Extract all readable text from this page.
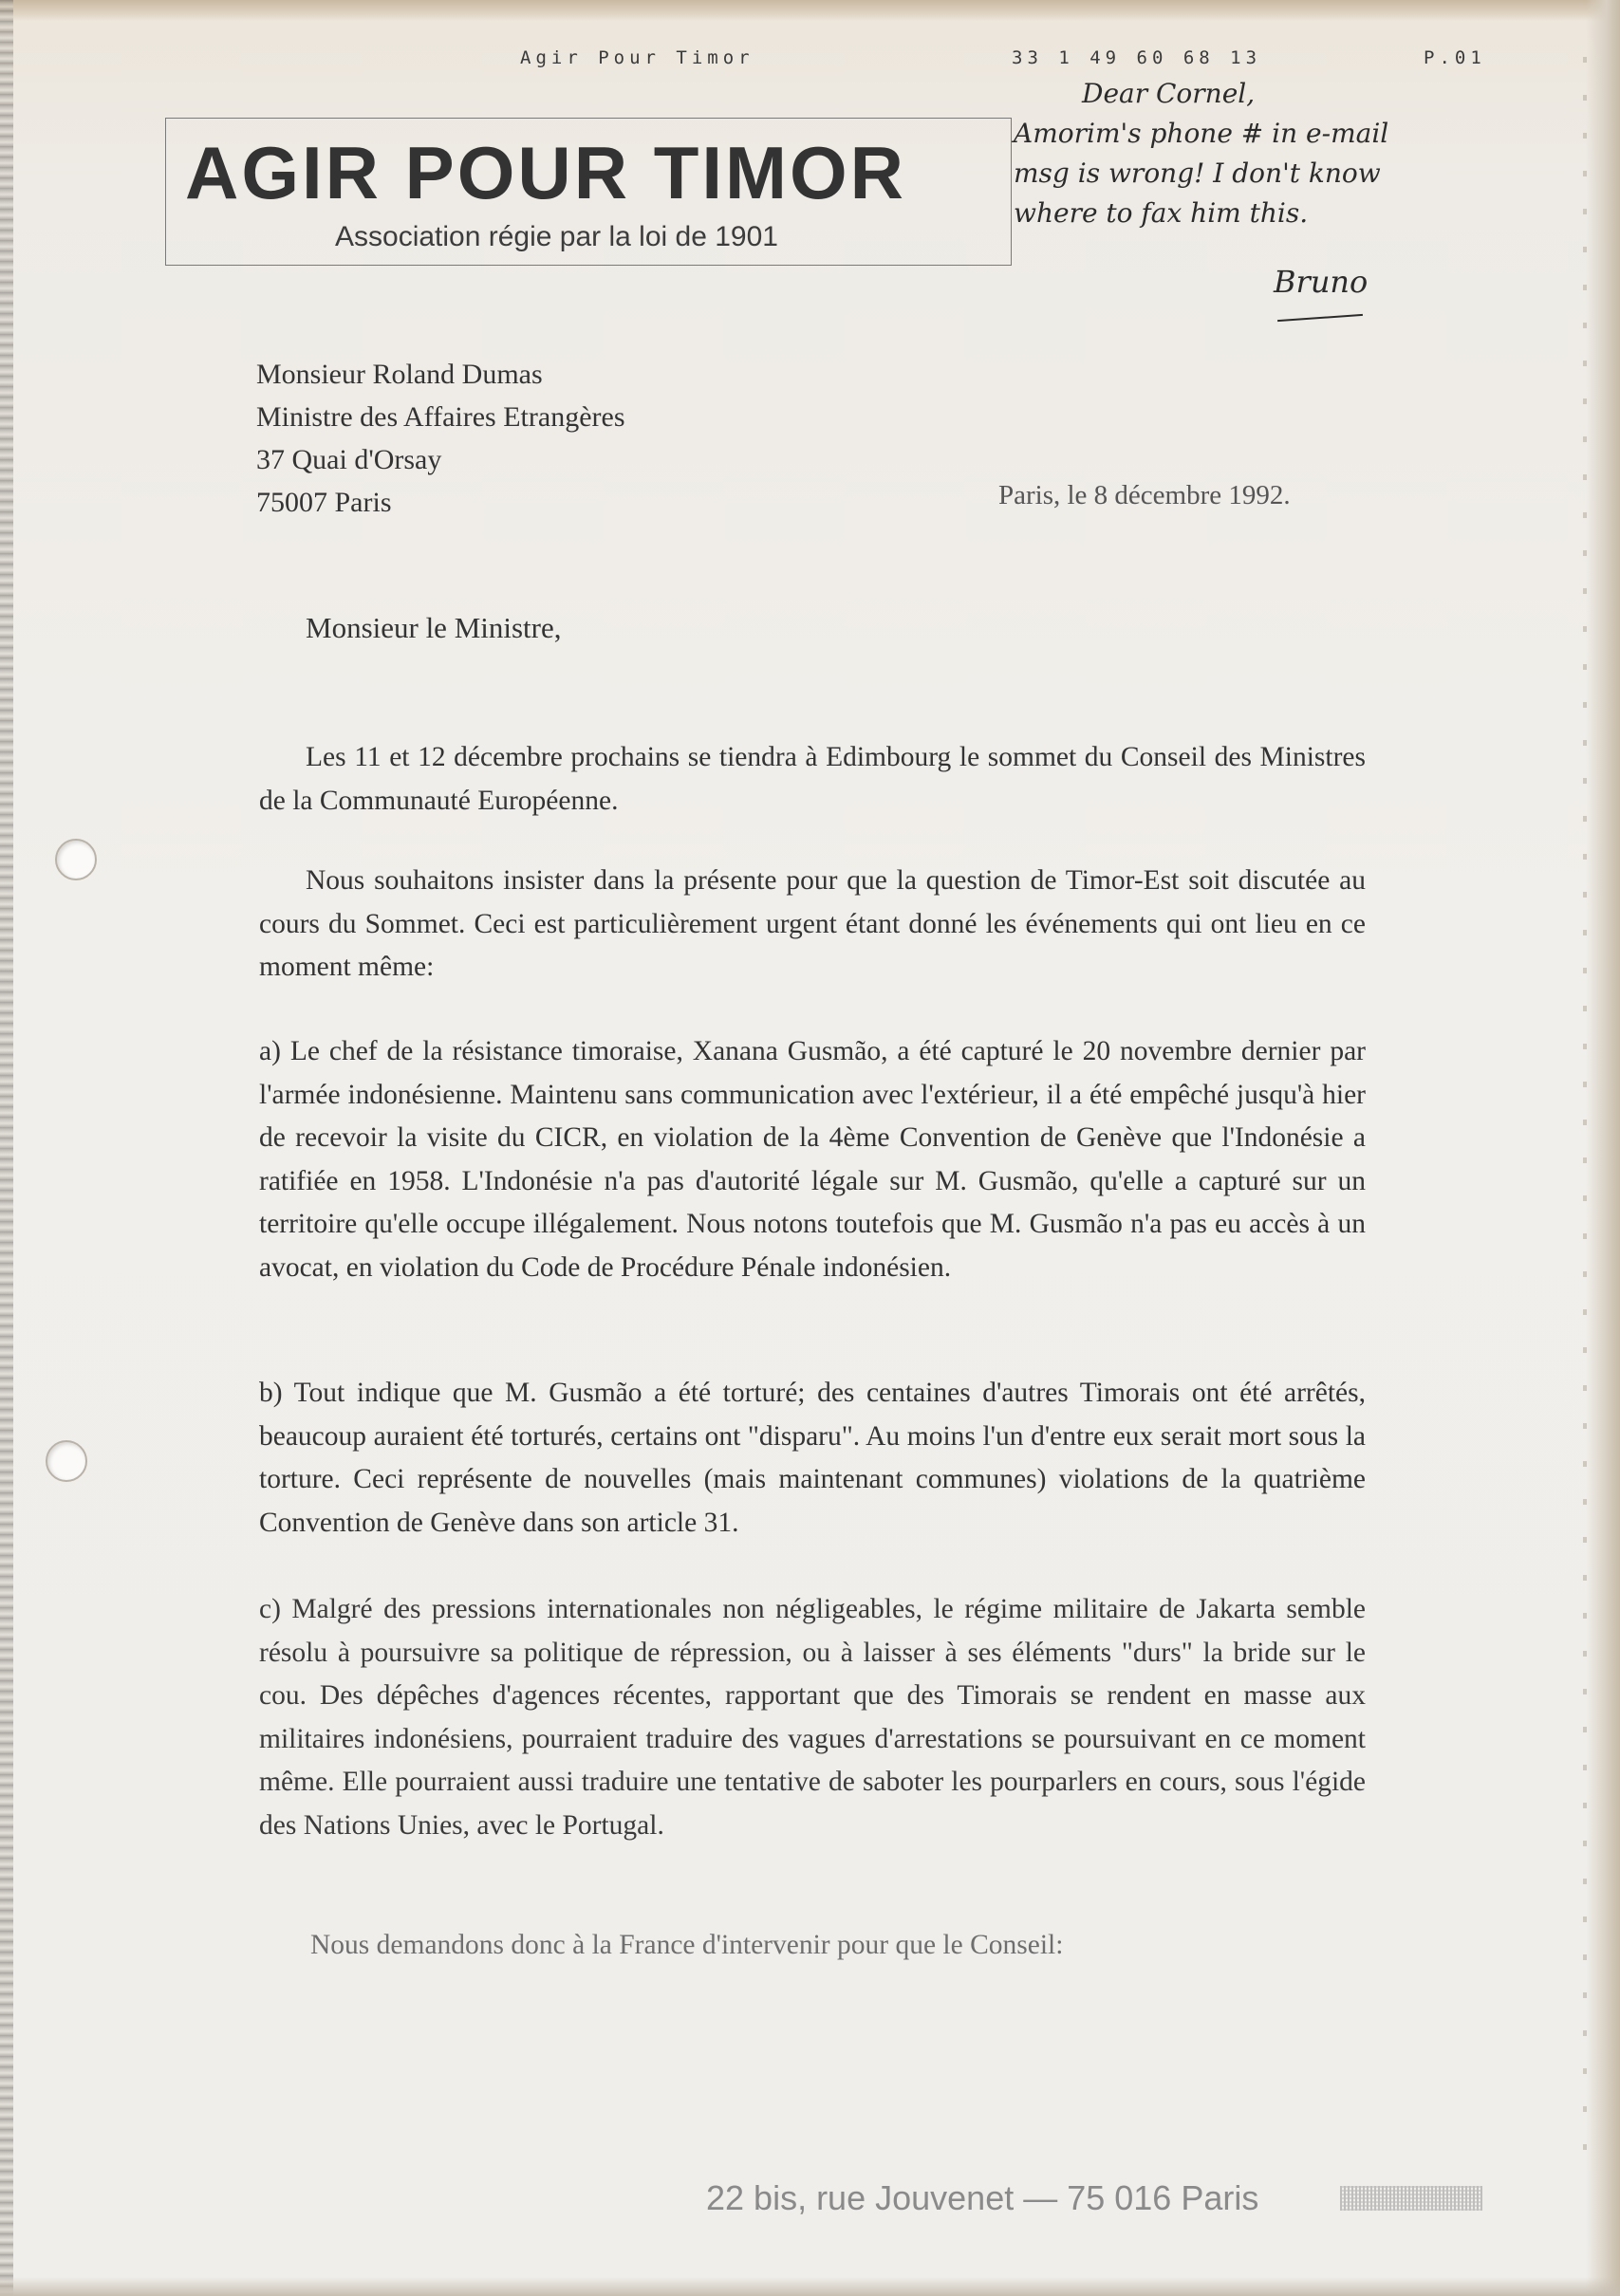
Agir Pour Timor	33 1 49 60 68 13	P.01
AGIR POUR TIMOR
Association régie par la loi de 1901
Dear Cornel,
Amorim's phone # in e-mail
msg is wrong! I don't know
where to fax him this.
Bruno
Monsieur Roland Dumas
Ministre des Affaires Etrangères
37 Quai d'Orsay
75007 Paris	Paris, le 8 décembre 1992.
Monsieur le Ministre,
Les 11 et 12 décembre prochains se tiendra à Edimbourg le sommet du Conseil des Ministres de la Communauté Européenne.
Nous souhaitons insister dans la présente pour que la question de Timor-Est soit discutée au cours du Sommet. Ceci est particulièrement urgent étant donné les événements qui ont lieu en ce moment même:
a) Le chef de la résistance timoraise, Xanana Gusmão, a été capturé le 20 novembre dernier par l'armée indonésienne. Maintenu sans communication avec l'extérieur, il a été empêché jusqu'à hier de recevoir la visite du CICR, en violation de la 4ème Convention de Genève que l'Indonésie a ratifiée en 1958. L'Indonésie n'a pas d'autorité légale sur M. Gusmão, qu'elle a capturé sur un territoire qu'elle occupe illégalement. Nous notons toutefois que M. Gusmão n'a pas eu accès à un avocat, en violation du Code de Procédure Pénale indonésien.
b) Tout indique que M. Gusmão a été torturé; des centaines d'autres Timorais ont été arrêtés, beaucoup auraient été torturés, certains ont "disparu". Au moins l'un d'entre eux serait mort sous la torture. Ceci représente de nouvelles (mais maintenant communes) violations de la quatrième Convention de Genève dans son article 31.
c) Malgré des pressions internationales non négligeables, le régime militaire de Jakarta semble résolu à poursuivre sa politique de répression, ou à laisser à ses éléments "durs" la bride sur le cou. Des dépêches d'agences récentes, rapportant que des Timorais se rendent en masse aux militaires indonésiens, pourraient traduire des vagues d'arrestations se poursuivant en ce moment même. Elle pourraient aussi traduire une tentative de saboter les pourparlers en cours, sous l'égide des Nations Unies, avec le Portugal.
Nous demandons donc à la France d'intervenir pour que le Conseil:
22 bis, rue Jouvenet — 75 016 Paris
